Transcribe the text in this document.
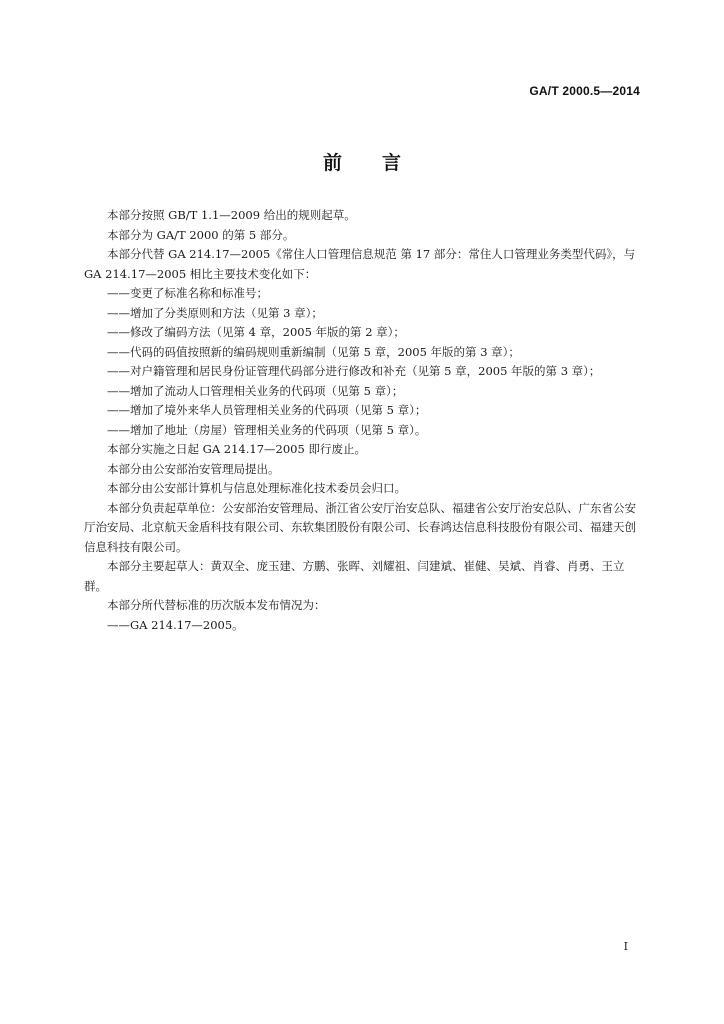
GA/T 2000.5—2014
前言

本部分按照 GB/T 1.1—2009 给出的规则起草。

本部分为 GA/T 2000 的第 5 部分。

本部分代替 GA 214.17—2005《常住人口管理信息规范 第 17 部分：常住人口管理业务类型代码》，与 GA 214.17—2005 相比主要技术变化如下：

——变更了标准名称和标准号；

——增加了分类原则和方法（见第 3 章）；

——修改了编码方法（见第 4 章，2005 年版的第 2 章）；

——代码的码值按照新的编码规则重新编制（见第 5 章，2005 年版的第 3 章）；

——对户籍管理和居民身份证管理代码部分进行修改和补充（见第 5 章，2005 年版的第 3 章）；

——增加了流动人口管理相关业务的代码项（见第 5 章）；

——增加了境外来华人员管理相关业务的代码项（见第 5 章）；

——增加了地址（房屋）管理相关业务的代码项（见第 5 章）。

本部分实施之日起 GA 214.17—2005 即行废止。

本部分由公安部治安管理局提出。

本部分由公安部计算机与信息处理标准化技术委员会归口。

本部分负责起草单位：公安部治安管理局、浙江省公安厅治安总队、福建省公安厅治安总队、广东省公安厅治安局、北京航天金盾科技有限公司、东软集团股份有限公司、长春鸿达信息科技股份有限公司、福建天创信息科技有限公司。

本部分主要起草人：黄双全、庞玉建、方鹏、张晖、刘耀祖、闫建斌、崔健、吴斌、肖睿、肖勇、王立群。

本部分所代替标准的历次版本发布情况为：

——GA 214.17—2005。

I
